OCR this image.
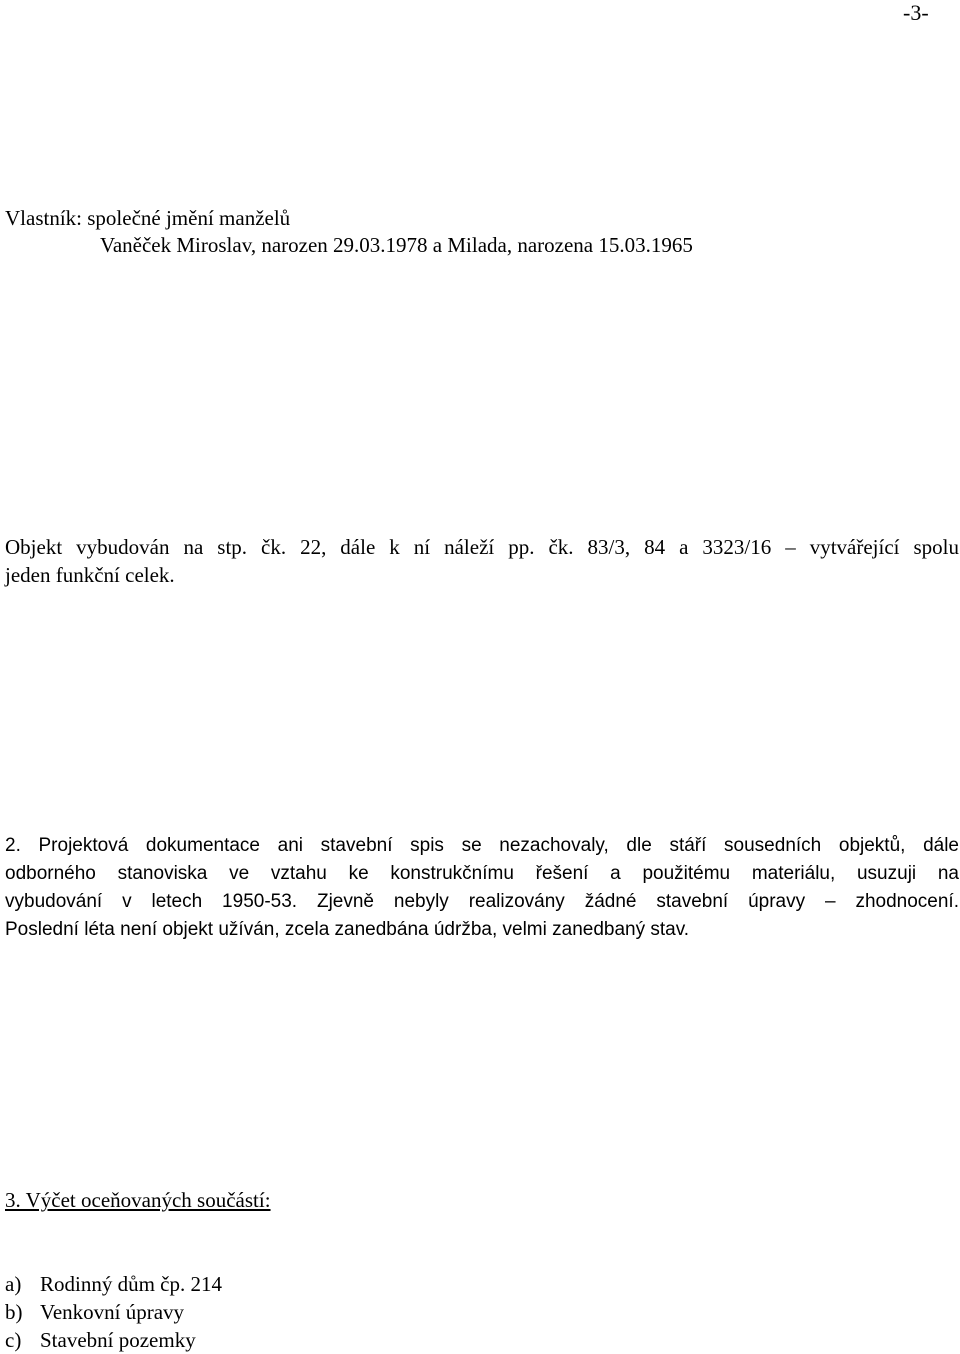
-3-
Vlastník: společné jmění manželů
Vaněček Miroslav, narozen 29.03.1978 a Milada, narozena 15.03.1965
Objekt vybudován na stp. čk. 22, dále k ní náleží pp. čk. 83/3, 84 a 3323/16 – vytvářející spolu
jeden funkční celek.
2. Projektová dokumentace ani stavební spis se nezachovaly, dle stáří sousedních objektů, dále
odborného stanoviska ve vztahu ke konstrukčnímu řešení a použitému materiálu, usuzuji na
vybudování v letech 1950-53. Zjevně nebyly realizovány žádné stavební úpravy – zhodnocení.
Poslední léta není objekt užíván, zcela zanedbána údržba, velmi zanedbaný stav.
3. Výčet oceňovaných součástí:
a) Rodinný dům čp. 214
b) Venkovní úpravy
c) Stavební pozemky
